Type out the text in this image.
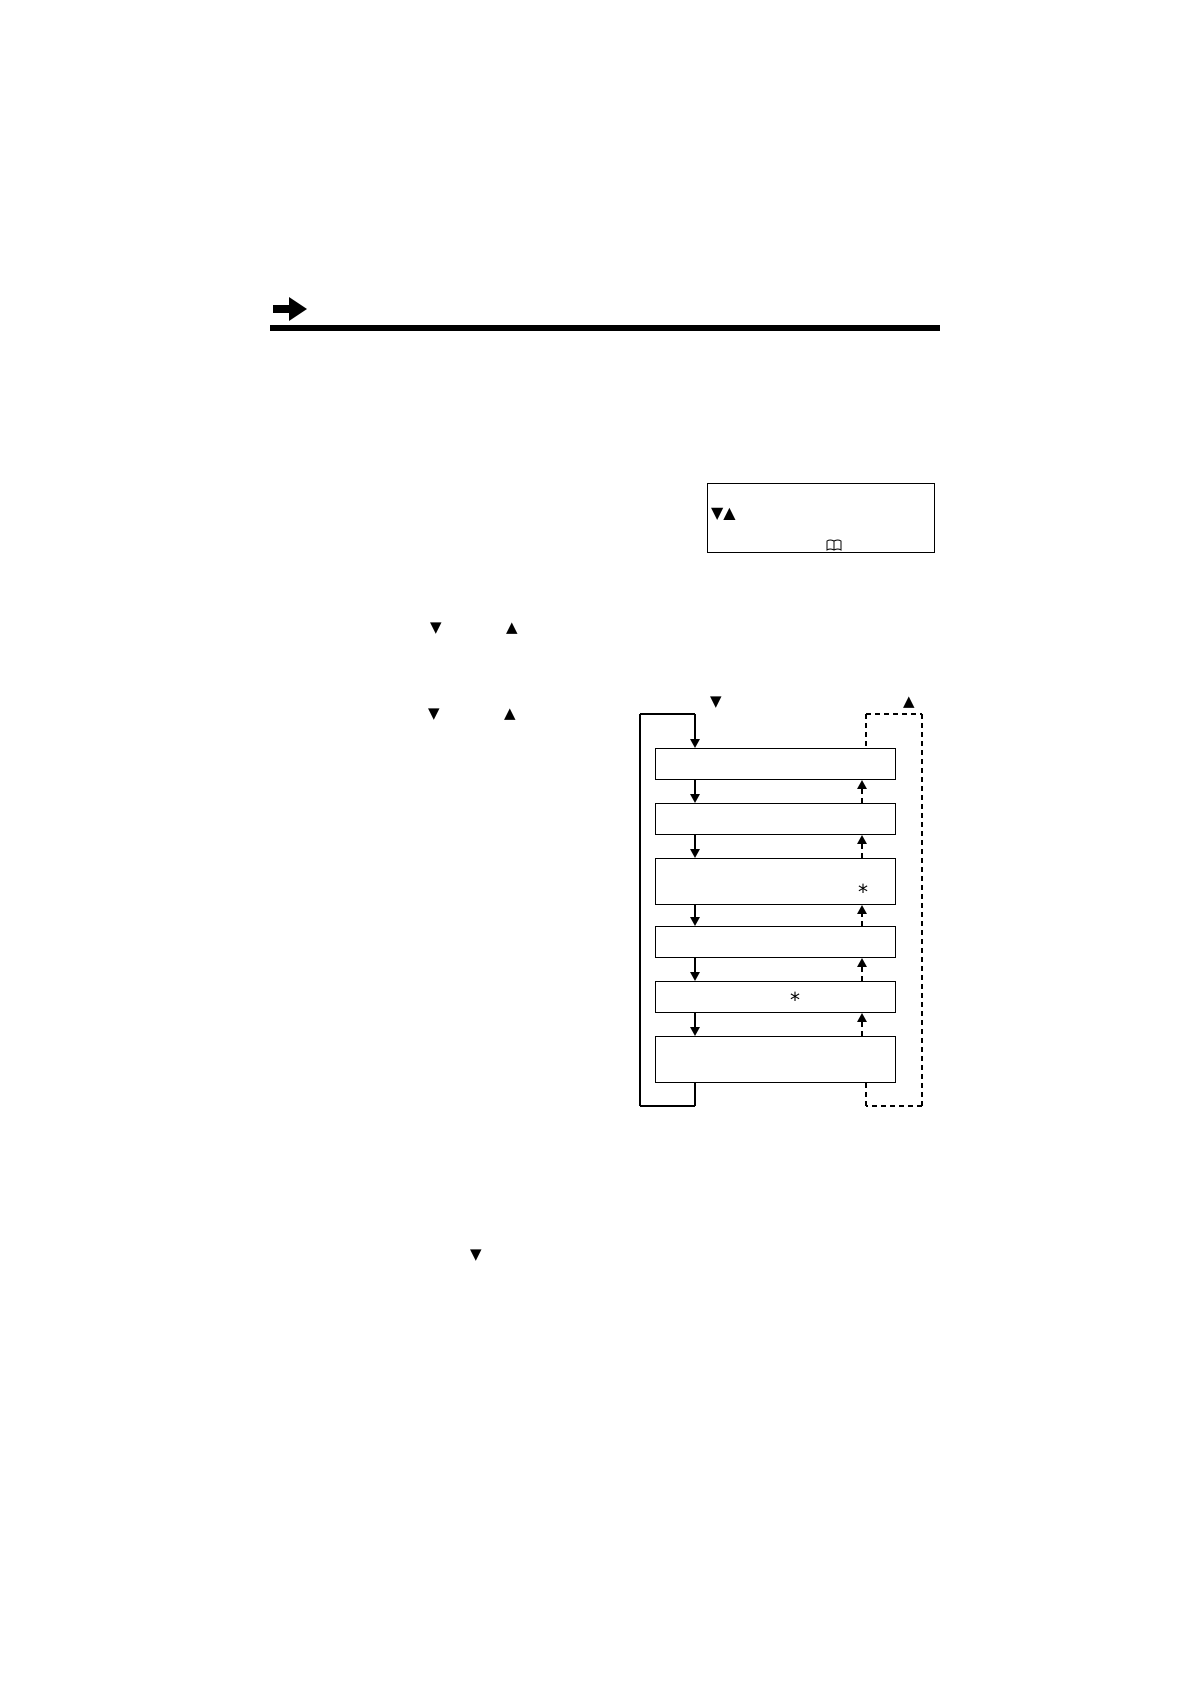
▼▲
▼	▲
▼	▲
▼
▼	▲
*
*
